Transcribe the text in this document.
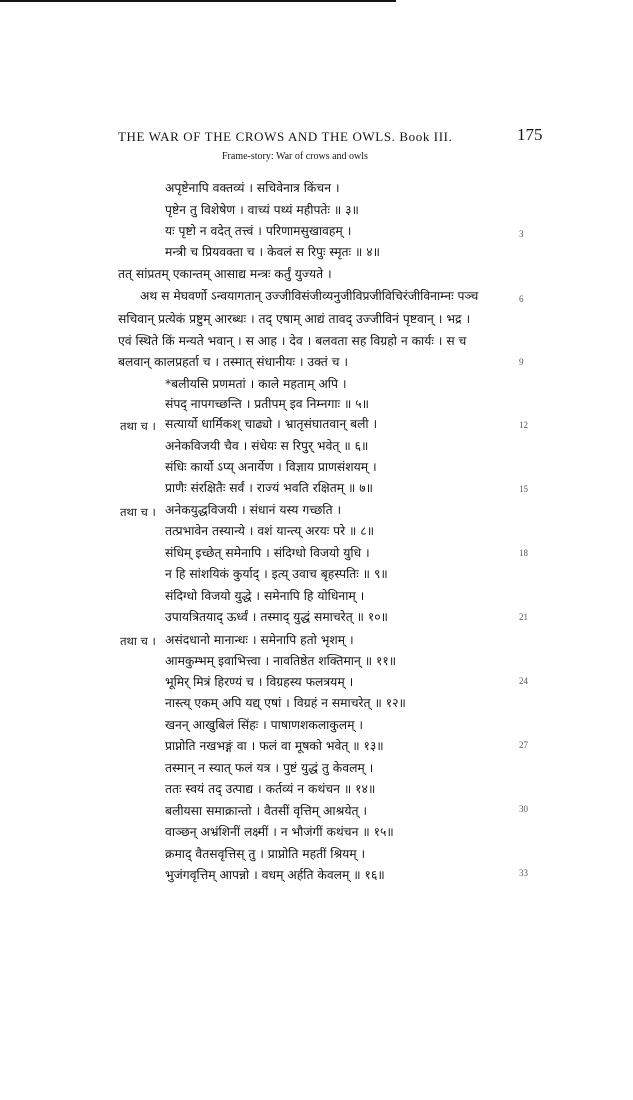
THE WAR OF THE CROWS AND THE OWLS. Book III.	175
Frame-story: War of crows and owls
अपृष्टेनापि वक्तव्यं । सचिवेनात्र किंचन ।
पृष्टेन तु विशेषेण । वाच्यं पथ्यं महीपतेः ॥ ३॥
यः पृष्टो न वदेत् तत्त्वं । परिणामसुखावहम् ।
मन्त्री च प्रियवक्ता च । केवलं स रिपुः स्मृतः ॥ ४॥
तत् सांप्रतम् एकान्तम् आसाद्य मन्त्रः कर्तुं युज्यते ।
अथ स मेघवर्णो ऽन्वयागतान् उज्जीविसंजीव्यनुजीविप्रजीविचिरंजीविनाम्नः पञ्च
सचिवान् प्रत्येकं प्रष्टुम् आरब्धः । तद् एषाम् आद्यं तावद् उज्जीविनं पृष्टवान् । भद्र ।
एवं स्थिते किं मन्यते भवान् । स आह । देव । बलवता सह विग्रहो न कार्यः । स च
बलवान् कालप्रहर्ता च । तस्मात् संधानीयः । उक्तं च ।
*बलीयसि प्रणमतां । काले महताम् अपि ।
संपद् नापगच्छन्ति । प्रतीपम् इव निम्नगाः ॥ ५॥
सत्यार्यो धार्मिकश् चाढ्यो । भ्रातृसंघातवान् बली ।
अनेकविजयी चैव । संधेयः स रिपुर् भवेत् ॥ ६॥
संधिः कार्यो ऽप्य् अनार्येण । विज्ञाय प्राणसंशयम् ।
प्राणैः संरक्षितैः सर्वं । राज्यं भवति रक्षितम् ॥ ७॥
अनेकयुद्धविजयी । संधानं यस्य गच्छति ।
तत्प्रभावेन तस्यान्ये । वशं यान्त्य् अरयः परे ॥ ८॥
संधिम् इच्छेत् समेनापि । संदिग्धो विजयो युधि ।
न हि सांशयिकं कुर्याद् । इत्य् उवाच बृहस्पतिः ॥ ९॥
संदिग्धो विजयो युद्धे । समेनापि हि योधिनाम् ।
उपायत्रितयाद् ऊर्ध्वं । तस्माद् युद्धं समाचरेत् ॥ १०॥
असंदधानो मानान्धः । समेनापि हतो भृशम् ।
आमकुम्भम् इवाभित्त्वा । नावतिष्ठेत शक्तिमान् ॥ ११॥
भूमिर् मित्रं हिरण्यं च । विग्रहस्य फलत्रयम् ।
नास्त्य् एकम् अपि यद्य् एषां । विग्रहं न समाचरेत् ॥ १२॥
खनन् आखुबिलं सिंहः । पाषाणशकलाकुलम् ।
प्राप्नोति नखभङ्गं वा । फलं वा मूषको भवेत् ॥ १३॥
तस्मान् न स्यात् फलं यत्र । पुष्टं युद्धं तु केवलम् ।
ततः स्वयं तद् उत्पाद्य । कर्तव्यं न कथंचन ॥ १४॥
बलीयसा समाक्रान्तो । वैतसीं वृत्तिम् आश्रयेत् ।
वाञ्छन् अभ्रंशिनीं लक्ष्मीं । न भौजंगीं कथंचन ॥ १५॥
क्रमाद् वैतसवृत्तिस् तु । प्राप्नोति महतीं श्रियम् ।
भुजंगवृत्तिम् आपन्नो । वधम् अर्हति केवलम् ॥ १६॥
तथा च ।
तथा च ।
तथा च ।
3
6
9
12
15
18
21
24
27
30
33
